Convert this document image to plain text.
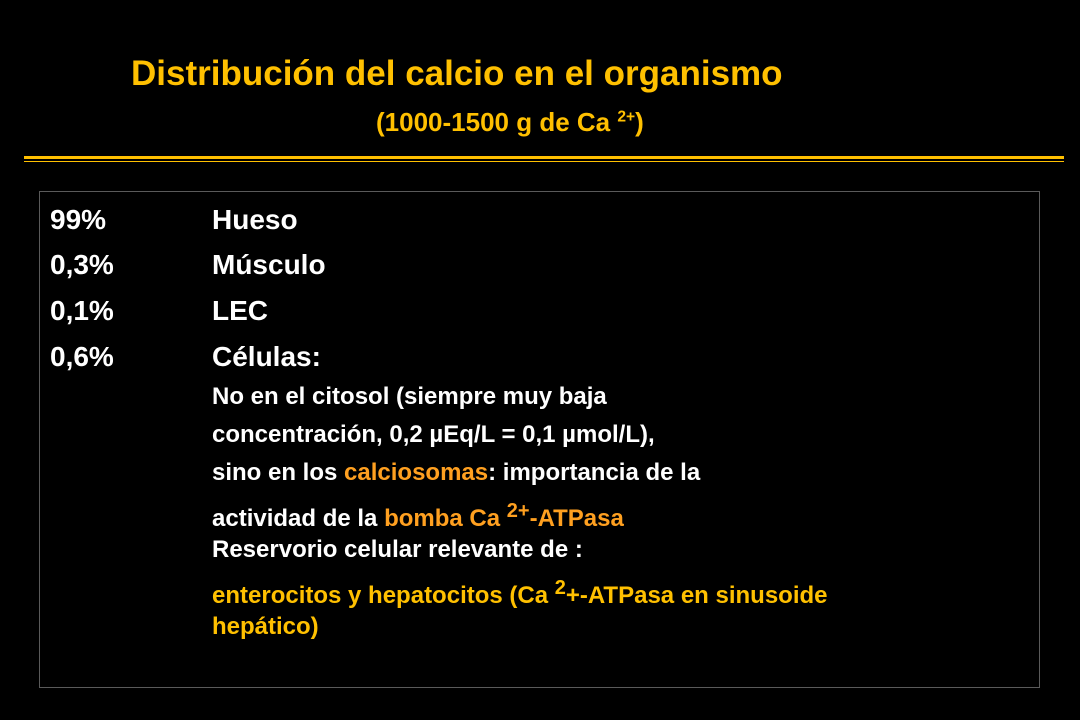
Distribución del calcio en el organismo
(1000-1500 g de Ca $^{2+}$)
99%	Hueso
0,3%	Músculo
0,1%	LEC
0,6%	Células:
No en el citosol (siempre muy baja
concentración, 0,2 µEq/L = 0,1 µmol/L),
sino en los calciosomas: importancia de la
actividad de la bomba Ca $^{2+}$-ATPasa
Reservorio celular relevante de :
enterocitos y hepatocitos (Ca $^2$+-ATPasa en sinusoide
hepático)
